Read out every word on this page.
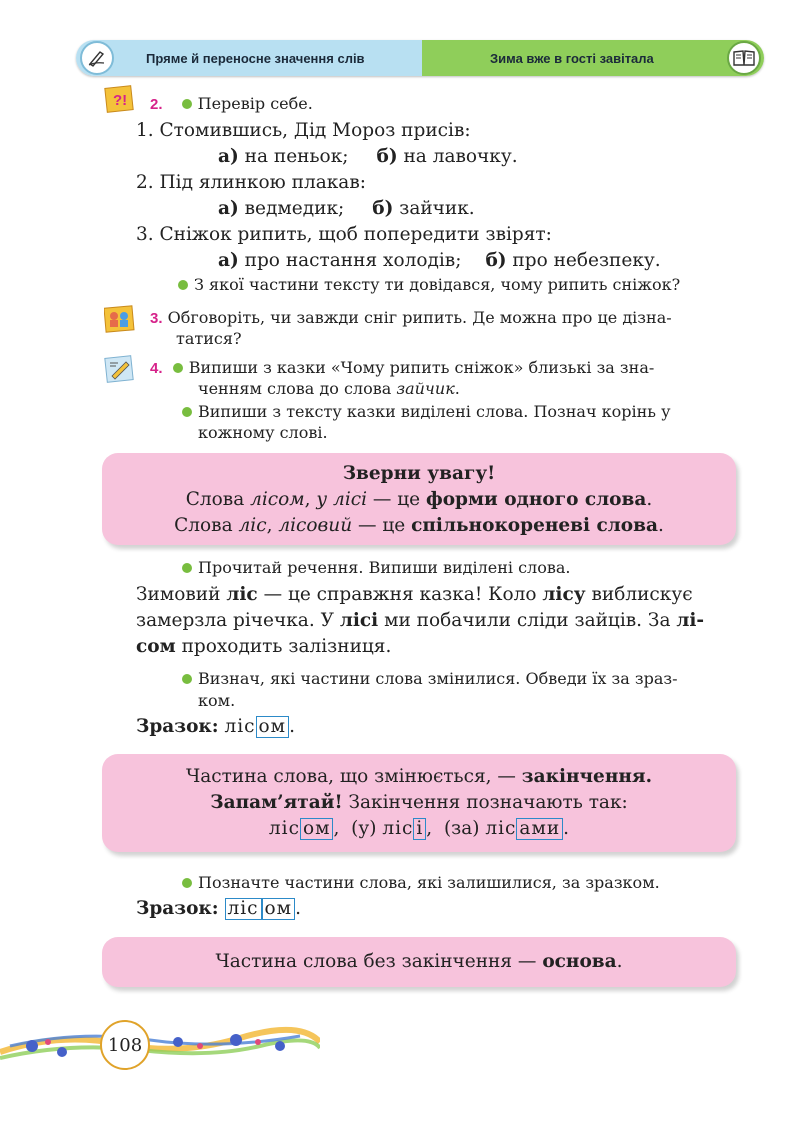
Пряме й переносне значення слів	Зима вже в гості завітала
?! 2. Перевір себе.
1. Стомившись, Дід Мороз присів:
а) на пеньок; б) на лавочку.
2. Під ялинкою плакав:
а) ведмедик; б) зайчик.
3. Сніжок рипить, щоб попередити звірят:
а) про настання холодів; б) про небезпеку.
З якої частини тексту ти довідався, чому рипить сніжок?
3. Обговоріть, чи завжди сніг рипить. Де можна про це дізна-
татися?
4. Випиши з казки «Чому рипить сніжок» близькі за зна-
ченням слова до слова зайчик.
Випиши з тексту казки виділені слова. Познач корінь у
кожному слові.
Зверни увагу!
Слова лісом, у лісі — це форми одного слова.
Слова ліс, лісовий — це спільнокореневі слова.
Прочитай речення. Випиши виділені слова.
Зимовий ліс — це справжня казка! Коло лісу виблискує
замерзла річечка. У лісі ми побачили сліди зайців. За лі-
сом проходить залізниця.
Визнач, які частини слова змінилися. Обведи їх за зраз-
ком.
Зразок: ліс ом .
Частина слова, що змінюється, — закінчення.
Запам’ятай! Закінчення позначають так:
ліс ом , (у) ліс і , (за) ліс ами .
Позначте частини слова, які залишилися, за зразком.
Зразок: ліс ом .
Частина слова без закінчення — основа.
108
